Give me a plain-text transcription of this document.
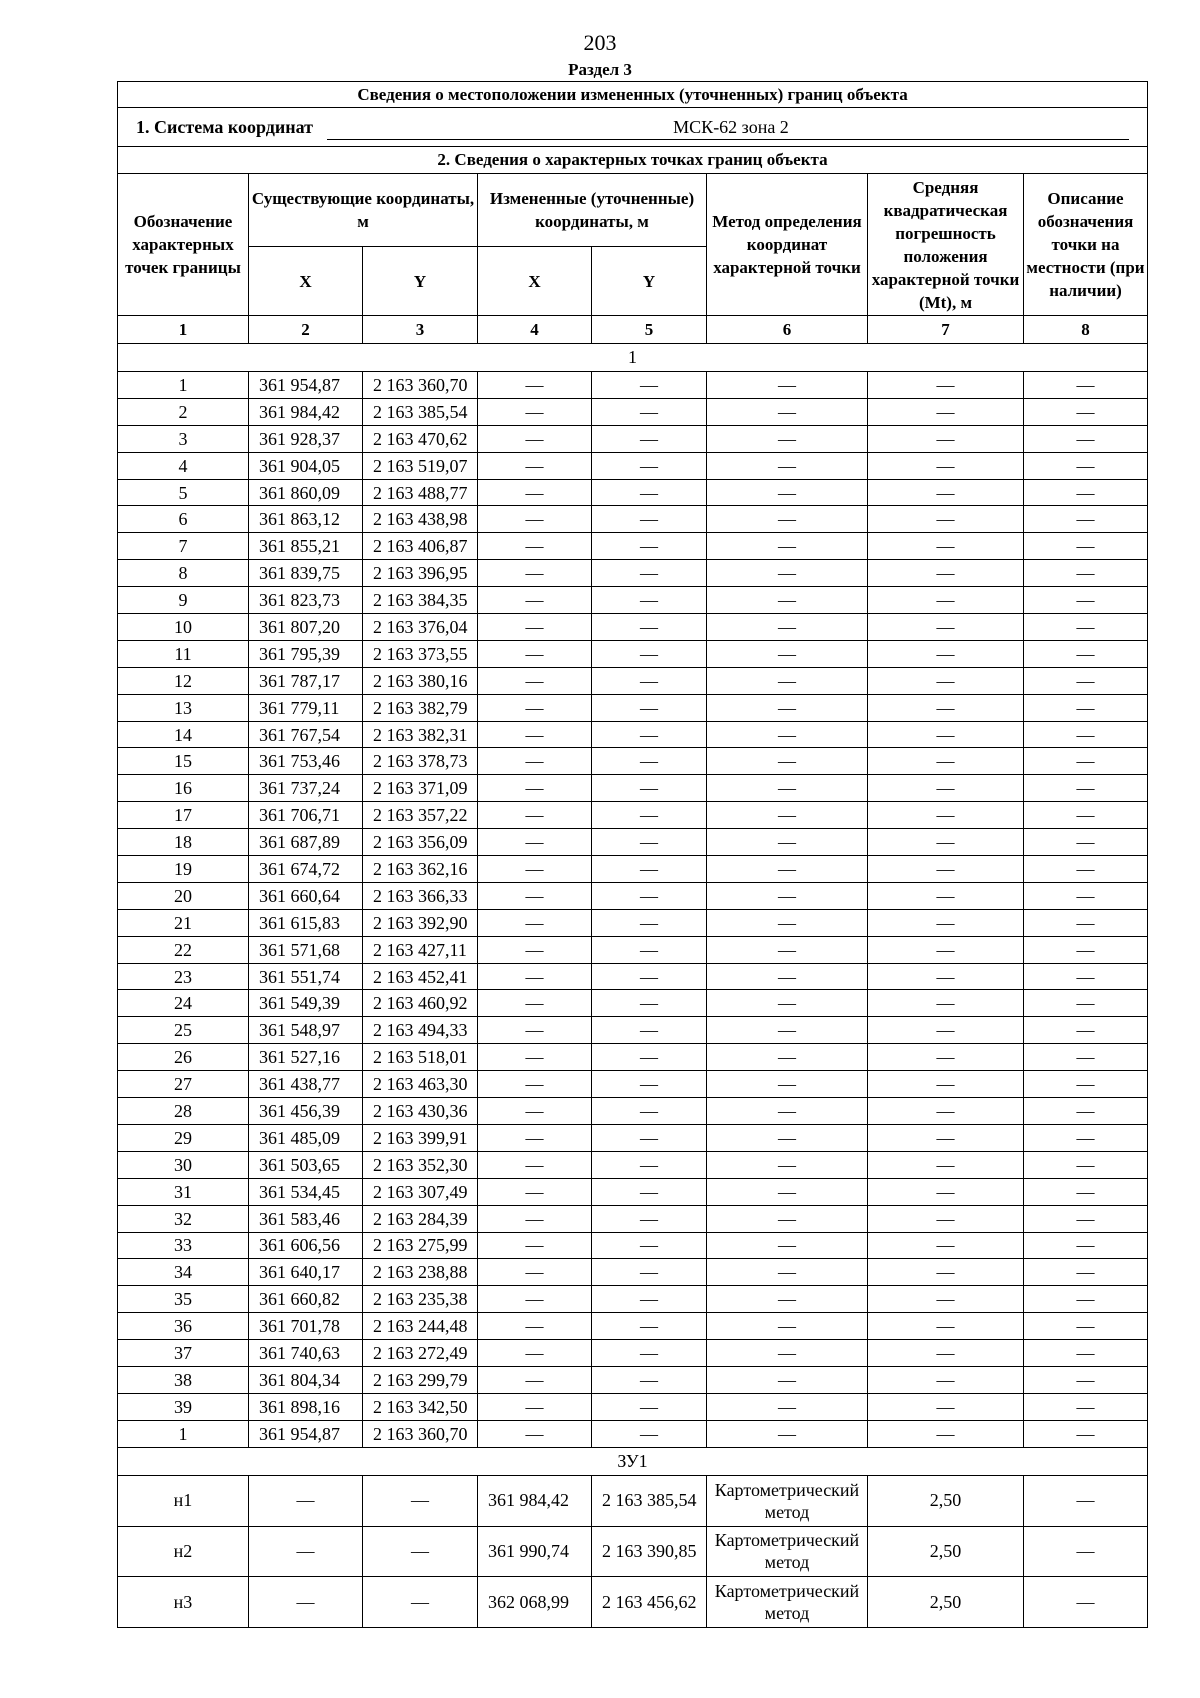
203
Раздел 3
Сведения о местоположении измененных (уточненных) границ объекта							
1. Система координат МСК-62 зона 2							
2. Сведения о характерных точках границ объекта							
Обозначение характерных точек границы	Существующие координаты, м		Измененные (уточненные) координаты, м		Метод определения координат характерной точки	Средняя квадратическая погрешность положения характерной точки (Mt), м	Описание обозначения точки на местности (при наличии)
	X	Y	X	Y			
1	2	3	4	5	6	7	8
1							
1	361 954,87	2 163 360,70	—	—	—	—	—
2	361 984,42	2 163 385,54	—	—	—	—	—
3	361 928,37	2 163 470,62	—	—	—	—	—
4	361 904,05	2 163 519,07	—	—	—	—	—
5	361 860,09	2 163 488,77	—	—	—	—	—
6	361 863,12	2 163 438,98	—	—	—	—	—
7	361 855,21	2 163 406,87	—	—	—	—	—
8	361 839,75	2 163 396,95	—	—	—	—	—
9	361 823,73	2 163 384,35	—	—	—	—	—
10	361 807,20	2 163 376,04	—	—	—	—	—
11	361 795,39	2 163 373,55	—	—	—	—	—
12	361 787,17	2 163 380,16	—	—	—	—	—
13	361 779,11	2 163 382,79	—	—	—	—	—
14	361 767,54	2 163 382,31	—	—	—	—	—
15	361 753,46	2 163 378,73	—	—	—	—	—
16	361 737,24	2 163 371,09	—	—	—	—	—
17	361 706,71	2 163 357,22	—	—	—	—	—
18	361 687,89	2 163 356,09	—	—	—	—	—
19	361 674,72	2 163 362,16	—	—	—	—	—
20	361 660,64	2 163 366,33	—	—	—	—	—
21	361 615,83	2 163 392,90	—	—	—	—	—
22	361 571,68	2 163 427,11	—	—	—	—	—
23	361 551,74	2 163 452,41	—	—	—	—	—
24	361 549,39	2 163 460,92	—	—	—	—	—
25	361 548,97	2 163 494,33	—	—	—	—	—
26	361 527,16	2 163 518,01	—	—	—	—	—
27	361 438,77	2 163 463,30	—	—	—	—	—
28	361 456,39	2 163 430,36	—	—	—	—	—
29	361 485,09	2 163 399,91	—	—	—	—	—
30	361 503,65	2 163 352,30	—	—	—	—	—
31	361 534,45	2 163 307,49	—	—	—	—	—
32	361 583,46	2 163 284,39	—	—	—	—	—
33	361 606,56	2 163 275,99	—	—	—	—	—
34	361 640,17	2 163 238,88	—	—	—	—	—
35	361 660,82	2 163 235,38	—	—	—	—	—
36	361 701,78	2 163 244,48	—	—	—	—	—
37	361 740,63	2 163 272,49	—	—	—	—	—
38	361 804,34	2 163 299,79	—	—	—	—	—
39	361 898,16	2 163 342,50	—	—	—	—	—
1	361 954,87	2 163 360,70	—	—	—	—	—
ЗУ1							
н1	—	—	361 984,42	2 163 385,54	Картометрический метод	2,50	—
н2	—	—	361 990,74	2 163 390,85	Картометрический метод	2,50	—
н3	—	—	362 068,99	2 163 456,62	Картометрический метод	2,50	—
